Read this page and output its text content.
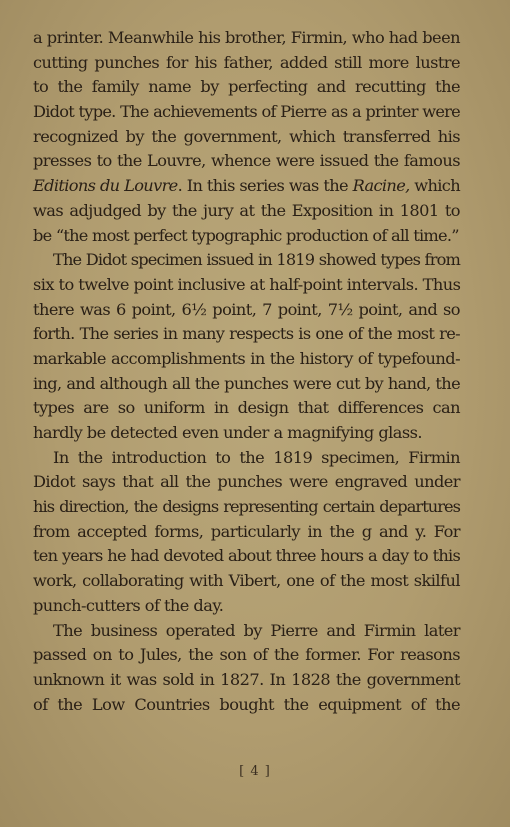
a printer. Meanwhile his brother, Firmin, who had been
cutting punches for his father, added still more lustre
to the family name by perfecting and recutting the
Didot type. The achievements of Pierre as a printer were
recognized by the government, which transferred his
presses to the Louvre, whence were issued the famous
Editions du Louvre. In this series was the Racine, which
was adjudged by the jury at the Exposition in 1801 to
be “the most perfect typographic production of all time.”
The Didot specimen issued in 1819 showed types from
six to twelve point inclusive at half-point intervals. Thus
there was 6 point, 6½ point, 7 point, 7½ point, and so
forth. The series in many respects is one of the most re-
markable accomplishments in the history of typefound-
ing, and although all the punches were cut by hand, the
types are so uniform in design that differences can
hardly be detected even under a magnifying glass.
In the introduction to the 1819 specimen, Firmin
Didot says that all the punches were engraved under
his direction, the designs representing certain departures
from accepted forms, particularly in the g and y. For
ten years he had devoted about three hours a day to this
work, collaborating with Vibert, one of the most skilful
punch-cutters of the day.
The business operated by Pierre and Firmin later
passed on to Jules, the son of the former. For reasons
unknown it was sold in 1827. In 1828 the government
of the Low Countries bought the equipment of the
[ 4 ]
